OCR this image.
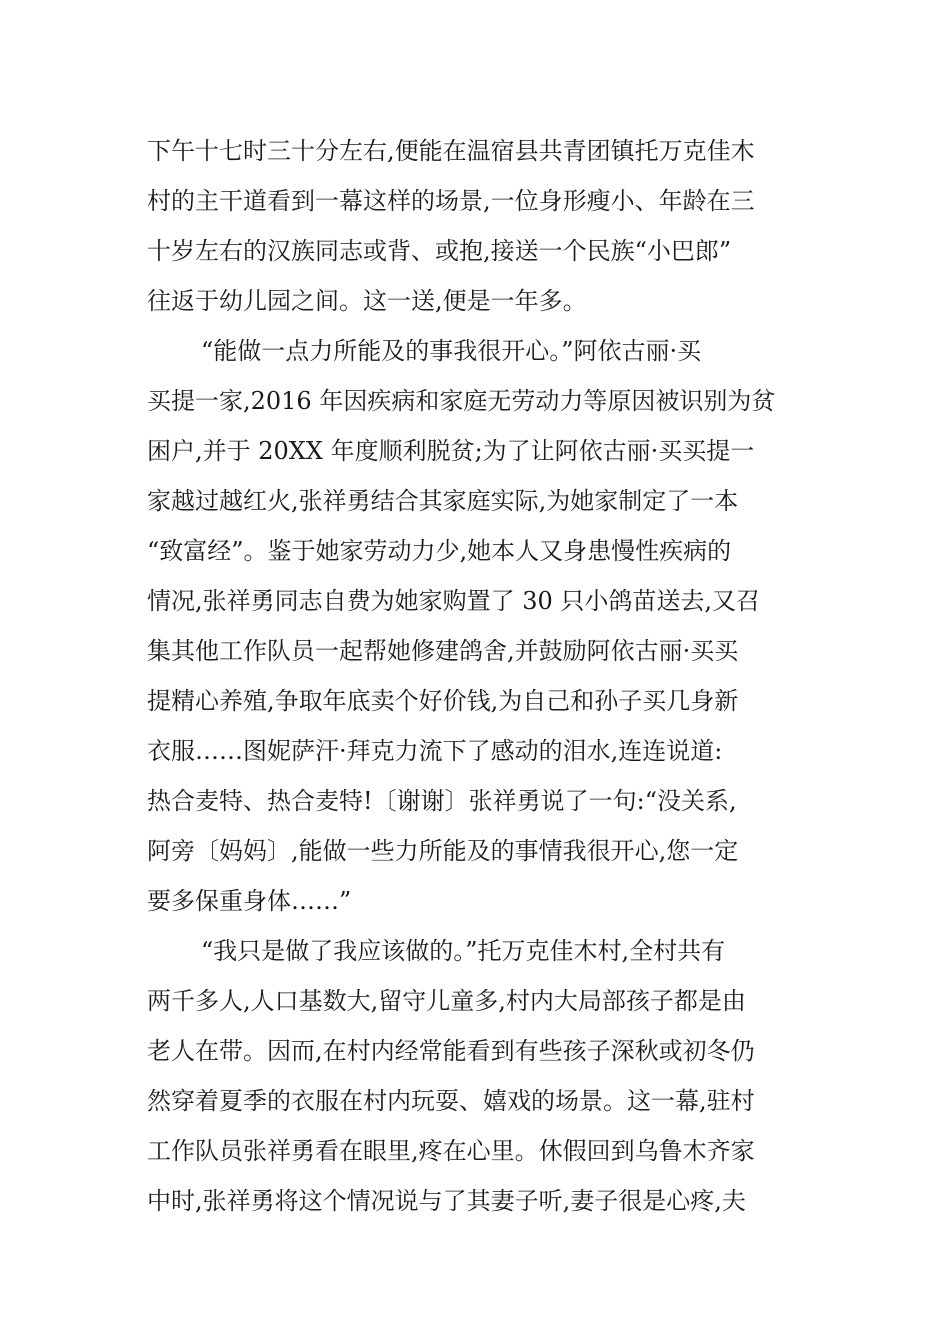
下午十七时三十分左右,便能在温宿县共青团镇托万克佳木
村的主干道看到一幕这样的场景,一位身形瘦小、年龄在三
十岁左右的汉族同志或背、或抱,接送一个民族“小巴郎”
往返于幼儿园之间。这一送,便是一年多。
“能做一点力所能及的事我很开心。”阿依古丽·买
买提一家,2016 年因疾病和家庭无劳动力等原因被识别为贫
困户,并于 20XX 年度顺利脱贫;为了让阿依古丽·买买提一
家越过越红火,张祥勇结合其家庭实际,为她家制定了一本
“致富经”。鉴于她家劳动力少,她本人又身患慢性疾病的
情况,张祥勇同志自费为她家购置了 30 只小鸽苗送去,又召
集其他工作队员一起帮她修建鸽舍,并鼓励阿依古丽·买买
提精心养殖,争取年底卖个好价钱,为自己和孙子买几身新
衣服……图妮萨汗·拜克力流下了感动的泪水,连连说道:
热合麦特、热合麦特!〔谢谢〕张祥勇说了一句:“没关系,
阿旁〔妈妈〕,能做一些力所能及的事情我很开心,您一定
要多保重身体……”
“我只是做了我应该做的。”托万克佳木村,全村共有
两千多人,人口基数大,留守儿童多,村内大局部孩子都是由
老人在带。因而,在村内经常能看到有些孩子深秋或初冬仍
然穿着夏季的衣服在村内玩耍、嬉戏的场景。这一幕,驻村
工作队员张祥勇看在眼里,疼在心里。休假回到乌鲁木齐家
中时,张祥勇将这个情况说与了其妻子听,妻子很是心疼,夫
